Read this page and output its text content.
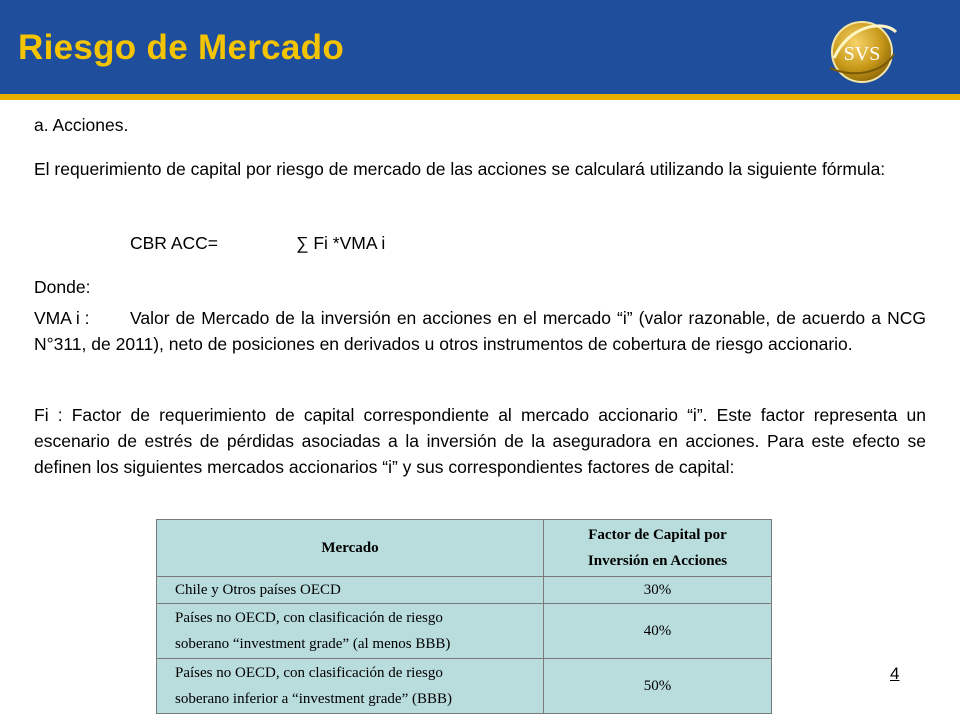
Riesgo de Mercado	SVS

a. Acciones.

El requerimiento de capital por riesgo de mercado de las acciones se calculará utilizando la siguiente fórmula:

CBR ACC=	∑ Fi *VMA i

Donde:

VMA i : Valor de Mercado de la inversión en acciones en el mercado “i” (valor razonable, de acuerdo a NCG N°311, de 2011), neto de posiciones en derivados u otros instrumentos de cobertura de riesgo accionario.

Fi : Factor de requerimiento de capital correspondiente al mercado accionario “i”. Este factor representa un escenario de estrés de pérdidas asociadas a la inversión de la aseguradora en acciones. Para este efecto se definen los siguientes mercados accionarios “i” y sus correspondientes factores de capital:

Mercado	Factor de Capital por
Inversión en Acciones
Chile y Otros países OECD	30%
Países no OECD, con clasificación de riesgo
soberano “investment grade” (al menos BBB)	40%
Países no OECD, con clasificación de riesgo
soberano inferior a “investment grade” (BBB)	50%
4
